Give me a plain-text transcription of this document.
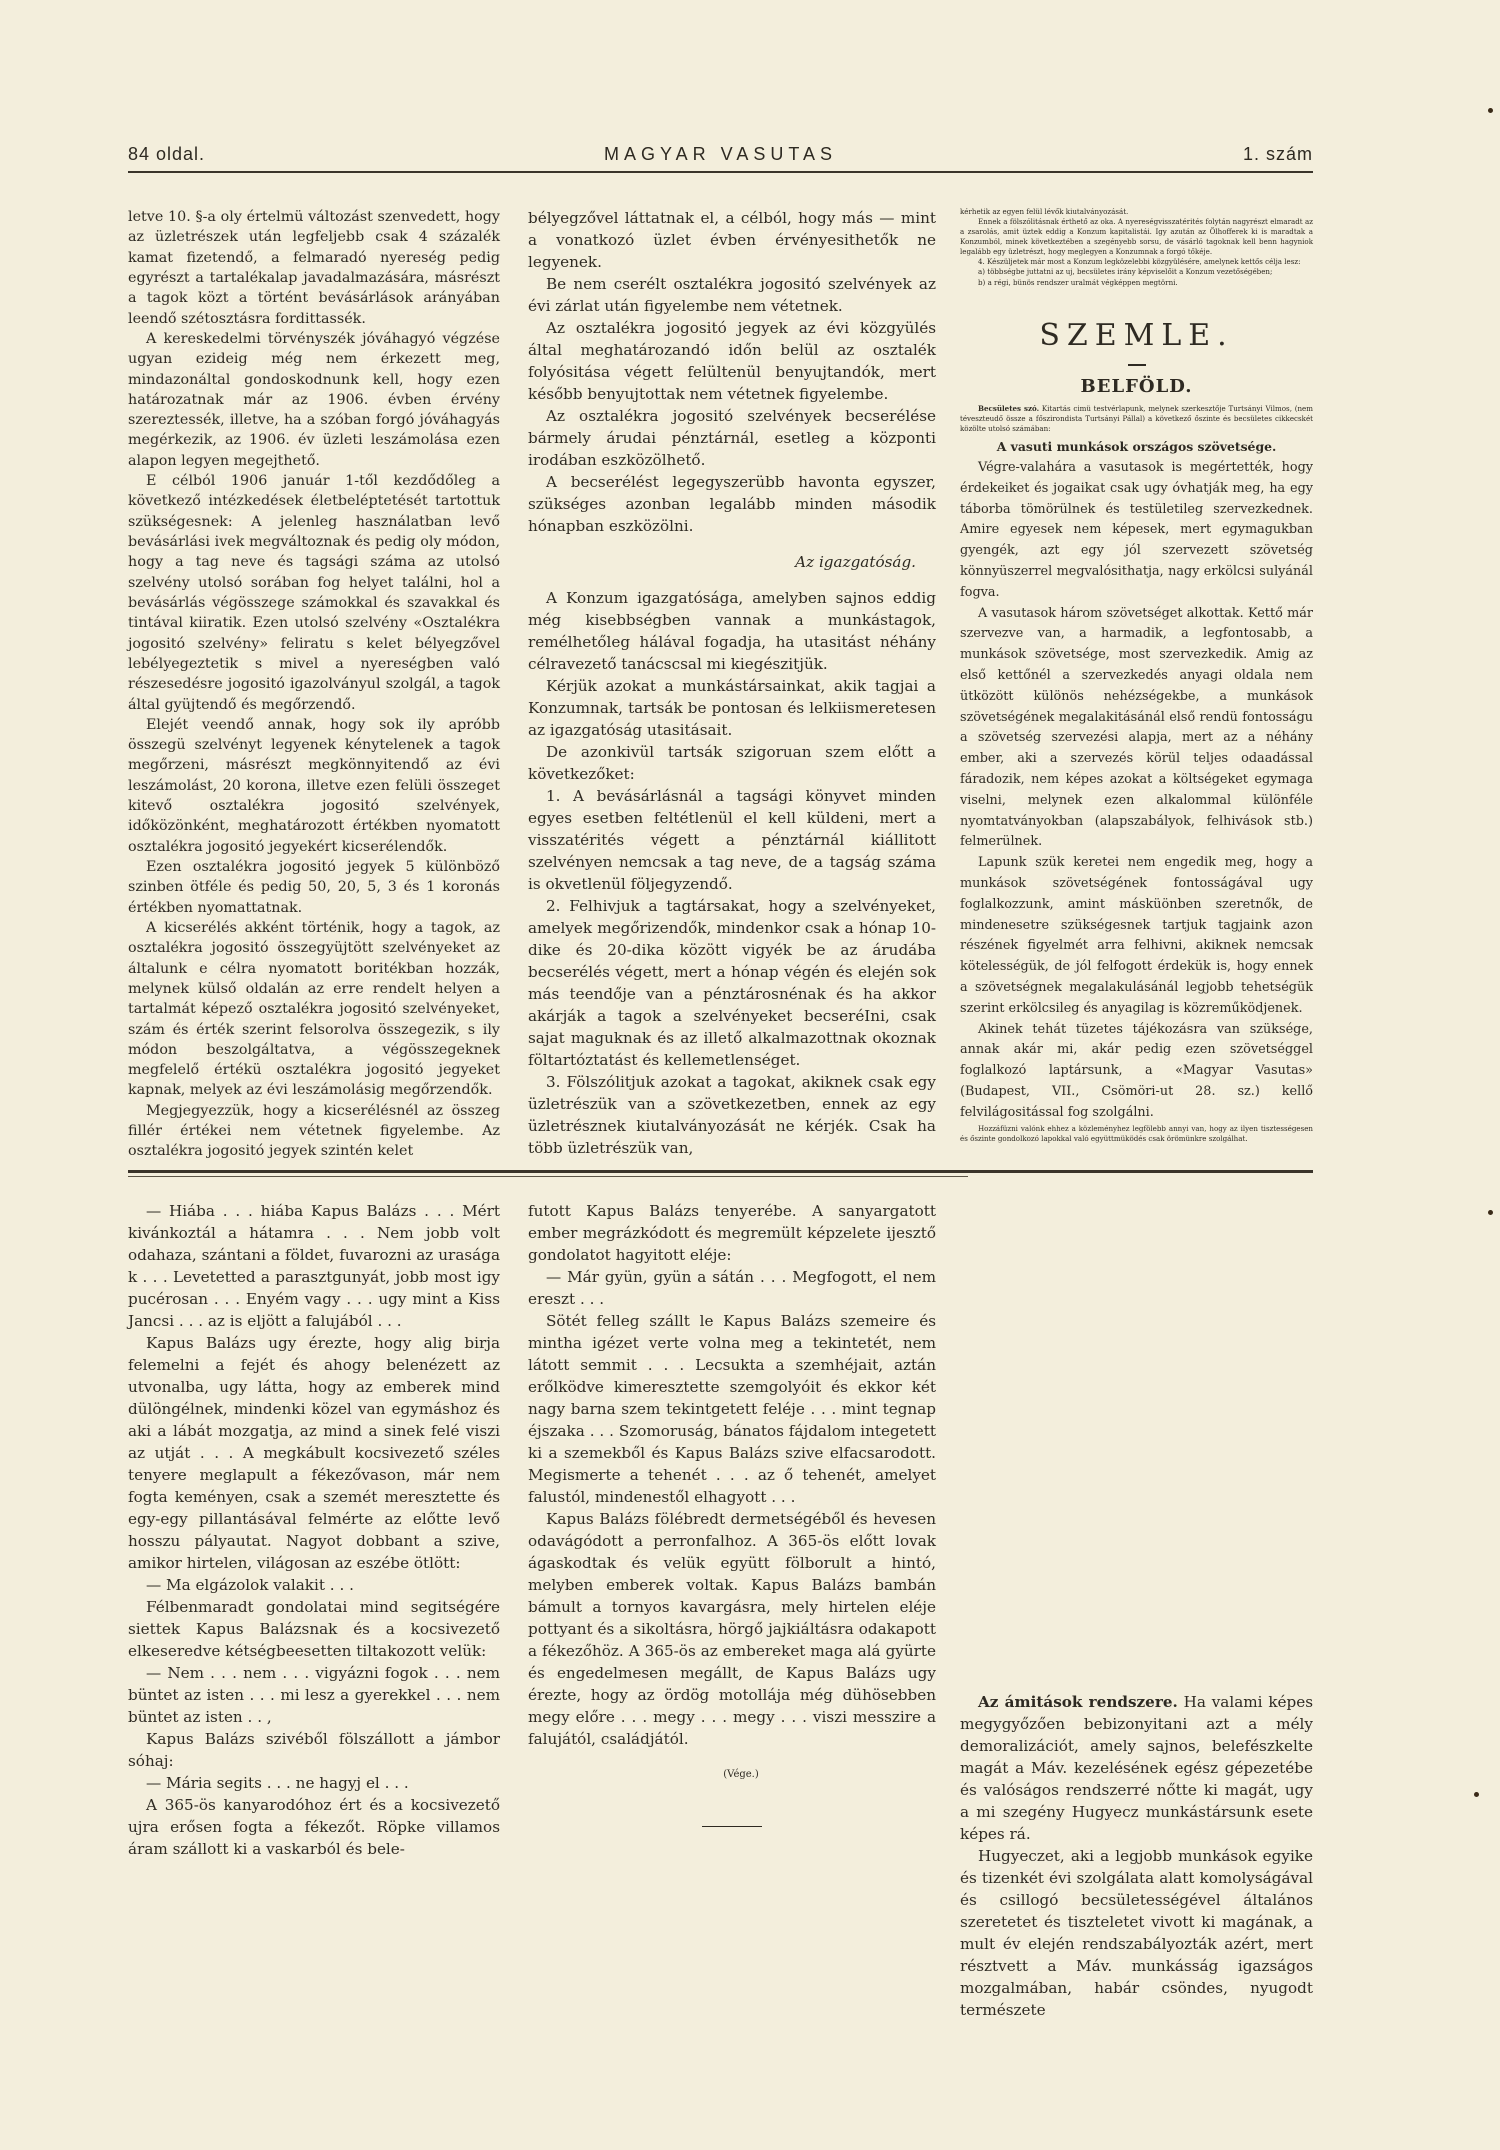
84 oldal.	MAGYAR VASUTAS	1. szám

letve 10. §-a oly értelmü változást szenvedett, hogy az üzletrészek után legfeljebb csak 4 százalék kamat fizetendő, a felmaradó nyereség pedig egyrészt a tartalékalap javadalmazására, másrészt a tagok közt a történt bevásárlások arányában leendő szétosztásra fordittassék.

A kereskedelmi törvényszék jóváhagyó végzése ugyan ezideig még nem érkezett meg, mindazonáltal gondoskodnunk kell, hogy ezen határozatnak már az 1906. évben érvény szereztessék, illetve, ha a szóban forgó jóváhagyás megérkezik, az 1906. év üzleti leszámolása ezen alapon legyen megejthető.

E célból 1906 január 1-től kezdődőleg a következő intézkedések életbeléptetését tartottuk szükségesnek: A jelenleg használatban levő bevásárlási ivek megváltoznak és pedig oly módon, hogy a tag neve és tagsági száma az utolsó szelvény utolsó sorában fog helyet találni, hol a bevásárlás végösszege számokkal és szavakkal és tintával kiiratik. Ezen utolsó szelvény «Osztalékra jogositó szelvény» feliratu s kelet bélyegzővel lebélyegeztetik s mivel a nyereségben való részesedésre jogositó igazolványul szolgál, a tagok által gyüjtendő és megőrzendő.

Elejét veendő annak, hogy sok ily apróbb összegü szelvényt legyenek kénytelenek a tagok megőrzeni, másrészt megkönnyitendő az évi leszámolást, 20 korona, illetve ezen felüli összeget kitevő osztalékra jogositó szelvények, időközönként, meghatározott értékben nyomatott osztalékra jogositó jegyekért kicserélendők.

Ezen osztalékra jogositó jegyek 5 különböző szinben ötféle és pedig 50, 20, 5, 3 és 1 koronás értékben nyomattatnak.

A kicserélés akként történik, hogy a tagok, az osztalékra jogositó összegyüjtött szelvényeket az általunk e célra nyomatott boritékban hozzák, melynek külső oldalán az erre rendelt helyen a tartalmát képező osztalékra jogositó szelvényeket, szám és érték szerint felsorolva összegezik, s ily módon beszolgáltatva, a végösszegeknek megfelelő értékü osztalékra jogositó jegyeket kapnak, melyek az évi leszámolásig megőrzendők.

Megjegyezzük, hogy a kicserélésnél az összeg fillér értékei nem vétetnek figyelembe. Az osztalékra jogositó jegyek szintén kelet

bélyegzővel láttatnak el, a célból, hogy más — mint a vonatkozó üzlet évben érvényesithetők ne legyenek.

Be nem cserélt osztalékra jogositó szelvények az évi zárlat után figyelembe nem vétetnek.

Az osztalékra jogositó jegyek az évi közgyülés által meghatározandó időn belül az osztalék folyósitása végett felültenül benyujtandók, mert később benyujtottak nem vétetnek figyelembe.

Az osztalékra jogositó szelvények becserélése bármely árudai pénztárnál, esetleg a központi irodában eszközölhető.

A becserélést legegyszerübb havonta egyszer, szükséges azonban legalább minden második hónapban eszközölni.

Az igazgatóság.

A Konzum igazgatósága, amelyben sajnos eddig még kisebbségben vannak a munkástagok, remélhetőleg hálával fogadja, ha utasitást néhány célravezető tanácscsal mi kiegészitjük.

Kérjük azokat a munkástársainkat, akik tagjai a Konzumnak, tartsák be pontosan és lelkiismeretesen az igazgatóság utasitásait.

De azonkivül tartsák szigoruan szem előtt a következőket:

1. A bevásárlásnál a tagsági könyvet minden egyes esetben feltétlenül el kell küldeni, mert a visszatérités végett a pénztárnál kiállitott szelvényen nemcsak a tag neve, de a tagság száma is okvetlenül följegyzendő.

2. Felhivjuk a tagtársakat, hogy a szelvényeket, amelyek megőrizendők, mindenkor csak a hónap 10-dike és 20-dika között vigyék be az árudába becserélés végett, mert a hónap végén és elején sok más teendője van a pénztárosnénak és ha akkor akárják a tagok a szelvényeket becseréIni, csak sajat maguknak és az illető alkalmazottnak okoznak föltartóztatást és kellemetlenséget.

3. Fölszólitjuk azokat a tagokat, akiknek csak egy üzletrészük van a szövetkezetben, ennek az egy üzletrésznek kiutalványozását ne kérjék. Csak ha több üzletrészük van,

kérhetik az egyen felül lévők kiutalványozását.

Ennek a fölszólitásnak érthető az oka. A nyereségvisszatérités folytán nagyrészt elmaradt az a zsarolás, amit üztek eddig a Konzum kapitalistái. Igy azután az Ölhofferek ki is maradtak a Konzumból, minek következtében a szegényebb sorsu, de vásárló tagoknak kell benn hagyniok legalább egy üzletrészt, hogy meglegyen a Konzumnak a forgó tőkéje.

4. Készüljetek már most a Konzum legközelebbi közgyülésére, amelynek kettős célja lesz:

a) többségbe juttatni az uj, becsületes irány képviselőit a Konzum vezetőségében;

b) a régi, bünös rendszer uralmát végképpen megtörni.

SZEMLE.
BELFÖLD.

Becsületes szó. Kitartás cimü testvérlapunk, melynek szerkesztője Turtsányi Vilmos, (nem téveszteudő össze a főszirondista Turtsányi Pállal) a következő őszinte és becsületes cikkecskét közölte utolsó számában:

A vasuti munkások országos szövetsége.

Végre-valahára a vasutasok is megértették, hogy érdekeiket és jogaikat csak ugy óvhatják meg, ha egy táborba tömörülnek és testületileg szervezkednek. Amire egyesek nem képesek, mert egymagukban gyengék, azt egy jól szervezett szövetség könnyüszerrel megvalósithatja, nagy erkölcsi sulyánál fogva.

A vasutasok három szövetséget alkottak. Kettő már szervezve van, a harmadik, a legfontosabb, a munkások szövetsége, most szervezkedik. Amig az első kettőnél a szervezkedés anyagi oldala nem ütközött különös nehézségekbe, a munkások szövetségének megalakitásánál első rendü fontosságu a szövetség szervezési alapja, mert az a néhány ember, aki a szervezés körül teljes odaadással fáradozik, nem képes azokat a költségeket egymaga viselni, melynek ezen alkalommal különféle nyomtatványokban (alapszabályok, felhivások stb.) felmerülnek.

Lapunk szük keretei nem engedik meg, hogy a munkások szövetségének fontosságával ugy foglalkozzunk, amint másküönben szeretnők, de mindenesetre szükségesnek tartjuk tagjaink azon részének figyelmét arra felhivni, akiknek nemcsak kötelességük, de jól felfogott érdekük is, hogy ennek a szövetségnek megalakulásánál legjobb tehetségük szerint erkölcsileg és anyagilag is közreműködjenek.

Akinek tehát tüzetes tájékozásra van szüksége, annak akár mi, akár pedig ezen szövetséggel foglalkozó laptársunk, a «Magyar Vasutas» (Budapest, VII., Csömöri-ut 28. sz.) kellő felvilágositással fog szolgálni.

Hozzáfüzni valónk ehhez a közleményhez legfölebb annyi van, hogy az ilyen tisztességesen és őszinte gondolkozó lapokkal való együttmüködés csak örömünkre szolgálhat.

— Hiába . . . hiába Kapus Balázs . . . Mért kivánkoztál a hátamra . . . Nem jobb volt odahaza, szántani a földet, fuvarozni az urasága k . . . Levetetted a parasztgunyát, jobb most igy pucérosan . . . Enyém vagy . . . ugy mint a Kiss Jancsi . . . az is eljött a falujából . . .

Kapus Balázs ugy érezte, hogy alig birja felemelni a fejét és ahogy belenézett az utvonalba, ugy látta, hogy az emberek mind dülöngélnek, mindenki közel van egymáshoz és aki a lábát mozgatja, az mind a sinek felé viszi az utját . . . A megkábult kocsivezető széles tenyere meglapult a fékezővason, már nem fogta keményen, csak a szemét meresztette és egy-egy pillantásával felmérte az előtte levő hosszu pályautat. Nagyot dobbant a szive, amikor hirtelen, világosan az eszébe ötlött:

— Ma elgázolok valakit . . .

Félbenmaradt gondolatai mind segitségére siettek Kapus Balázsnak és a kocsivezető elkeseredve kétségbeesetten tiltakozott velük:

— Nem . . . nem . . . vigyázni fogok . . . nem büntet az isten . . . mi lesz a gyerekkel . . . nem büntet az isten . . ,

Kapus Balázs szivéből fölszállott a jámbor sóhaj:

— Mária segits . . . ne hagyj el . . .

A 365-ös kanyarodóhoz ért és a kocsivezető ujra erősen fogta a fékezőt. Röpke villamos áram szállott ki a vaskarból és bele-

futott Kapus Balázs tenyerébe. A sanyargatott ember megrázkódott és megremült képzelete ijesztő gondolatot hagyitott eléje:

— Már gyün, gyün a sátán . . . Megfogott, el nem ereszt . . .

Sötét felleg szállt le Kapus Balázs szemeire és mintha igézet verte volna meg a tekintetét, nem látott semmit . . . Lecsukta a szemhéjait, aztán erőlködve kimeresztette szemgolyóit és ekkor két nagy barna szem tekintgetett feléje . . . mint tegnap éjszaka . . . Szomoruság, bánatos fájdalom integetett ki a szemekből és Kapus Balázs szive elfacsarodott. Megismerte a tehenét . . . az ő tehenét, amelyet falustól, mindenestől elhagyott . . .

Kapus Balázs fölébredt dermetségéből és hevesen odavágódott a perronfalhoz. A 365-ös előtt lovak ágaskodtak és velük együtt fölborult a hintó, melyben emberek voltak. Kapus Balázs bambán bámult a tornyos kavargásra, mely hirtelen eléje pottyant és a sikoltásra, hörgő jajkiáltásra odakapott a fékezőhöz. A 365-ös az embereket maga alá gyürte és engedelmesen megállt, de Kapus Balázs ugy érezte, hogy az ördög motollája még dühösebben megy előre . . . megy . . . megy . . . viszi messzire a falujától, családjától.

(Vége.)

Az ámitások rendszere. Ha valami képes megygyőzően bebizonyitani azt a mély demoralizációt, amely sajnos, belefészkelte magát a Máv. kezelésének egész gépezetébe és valóságos rendszerré nőtte ki magát, ugy a mi szegény Hugyecz munkástársunk esete képes rá.

Hugyeczet, aki a legjobb munkások egyike és tizenkét évi szolgálata alatt komolyságával és csillogó becsületességével általános szeretetet és tiszteletet vivott ki magának, a mult év elején rendszabályozták azért, mert résztvett a Máv. munkásság igazságos mozgalmában, habár csöndes, nyugodt természete
